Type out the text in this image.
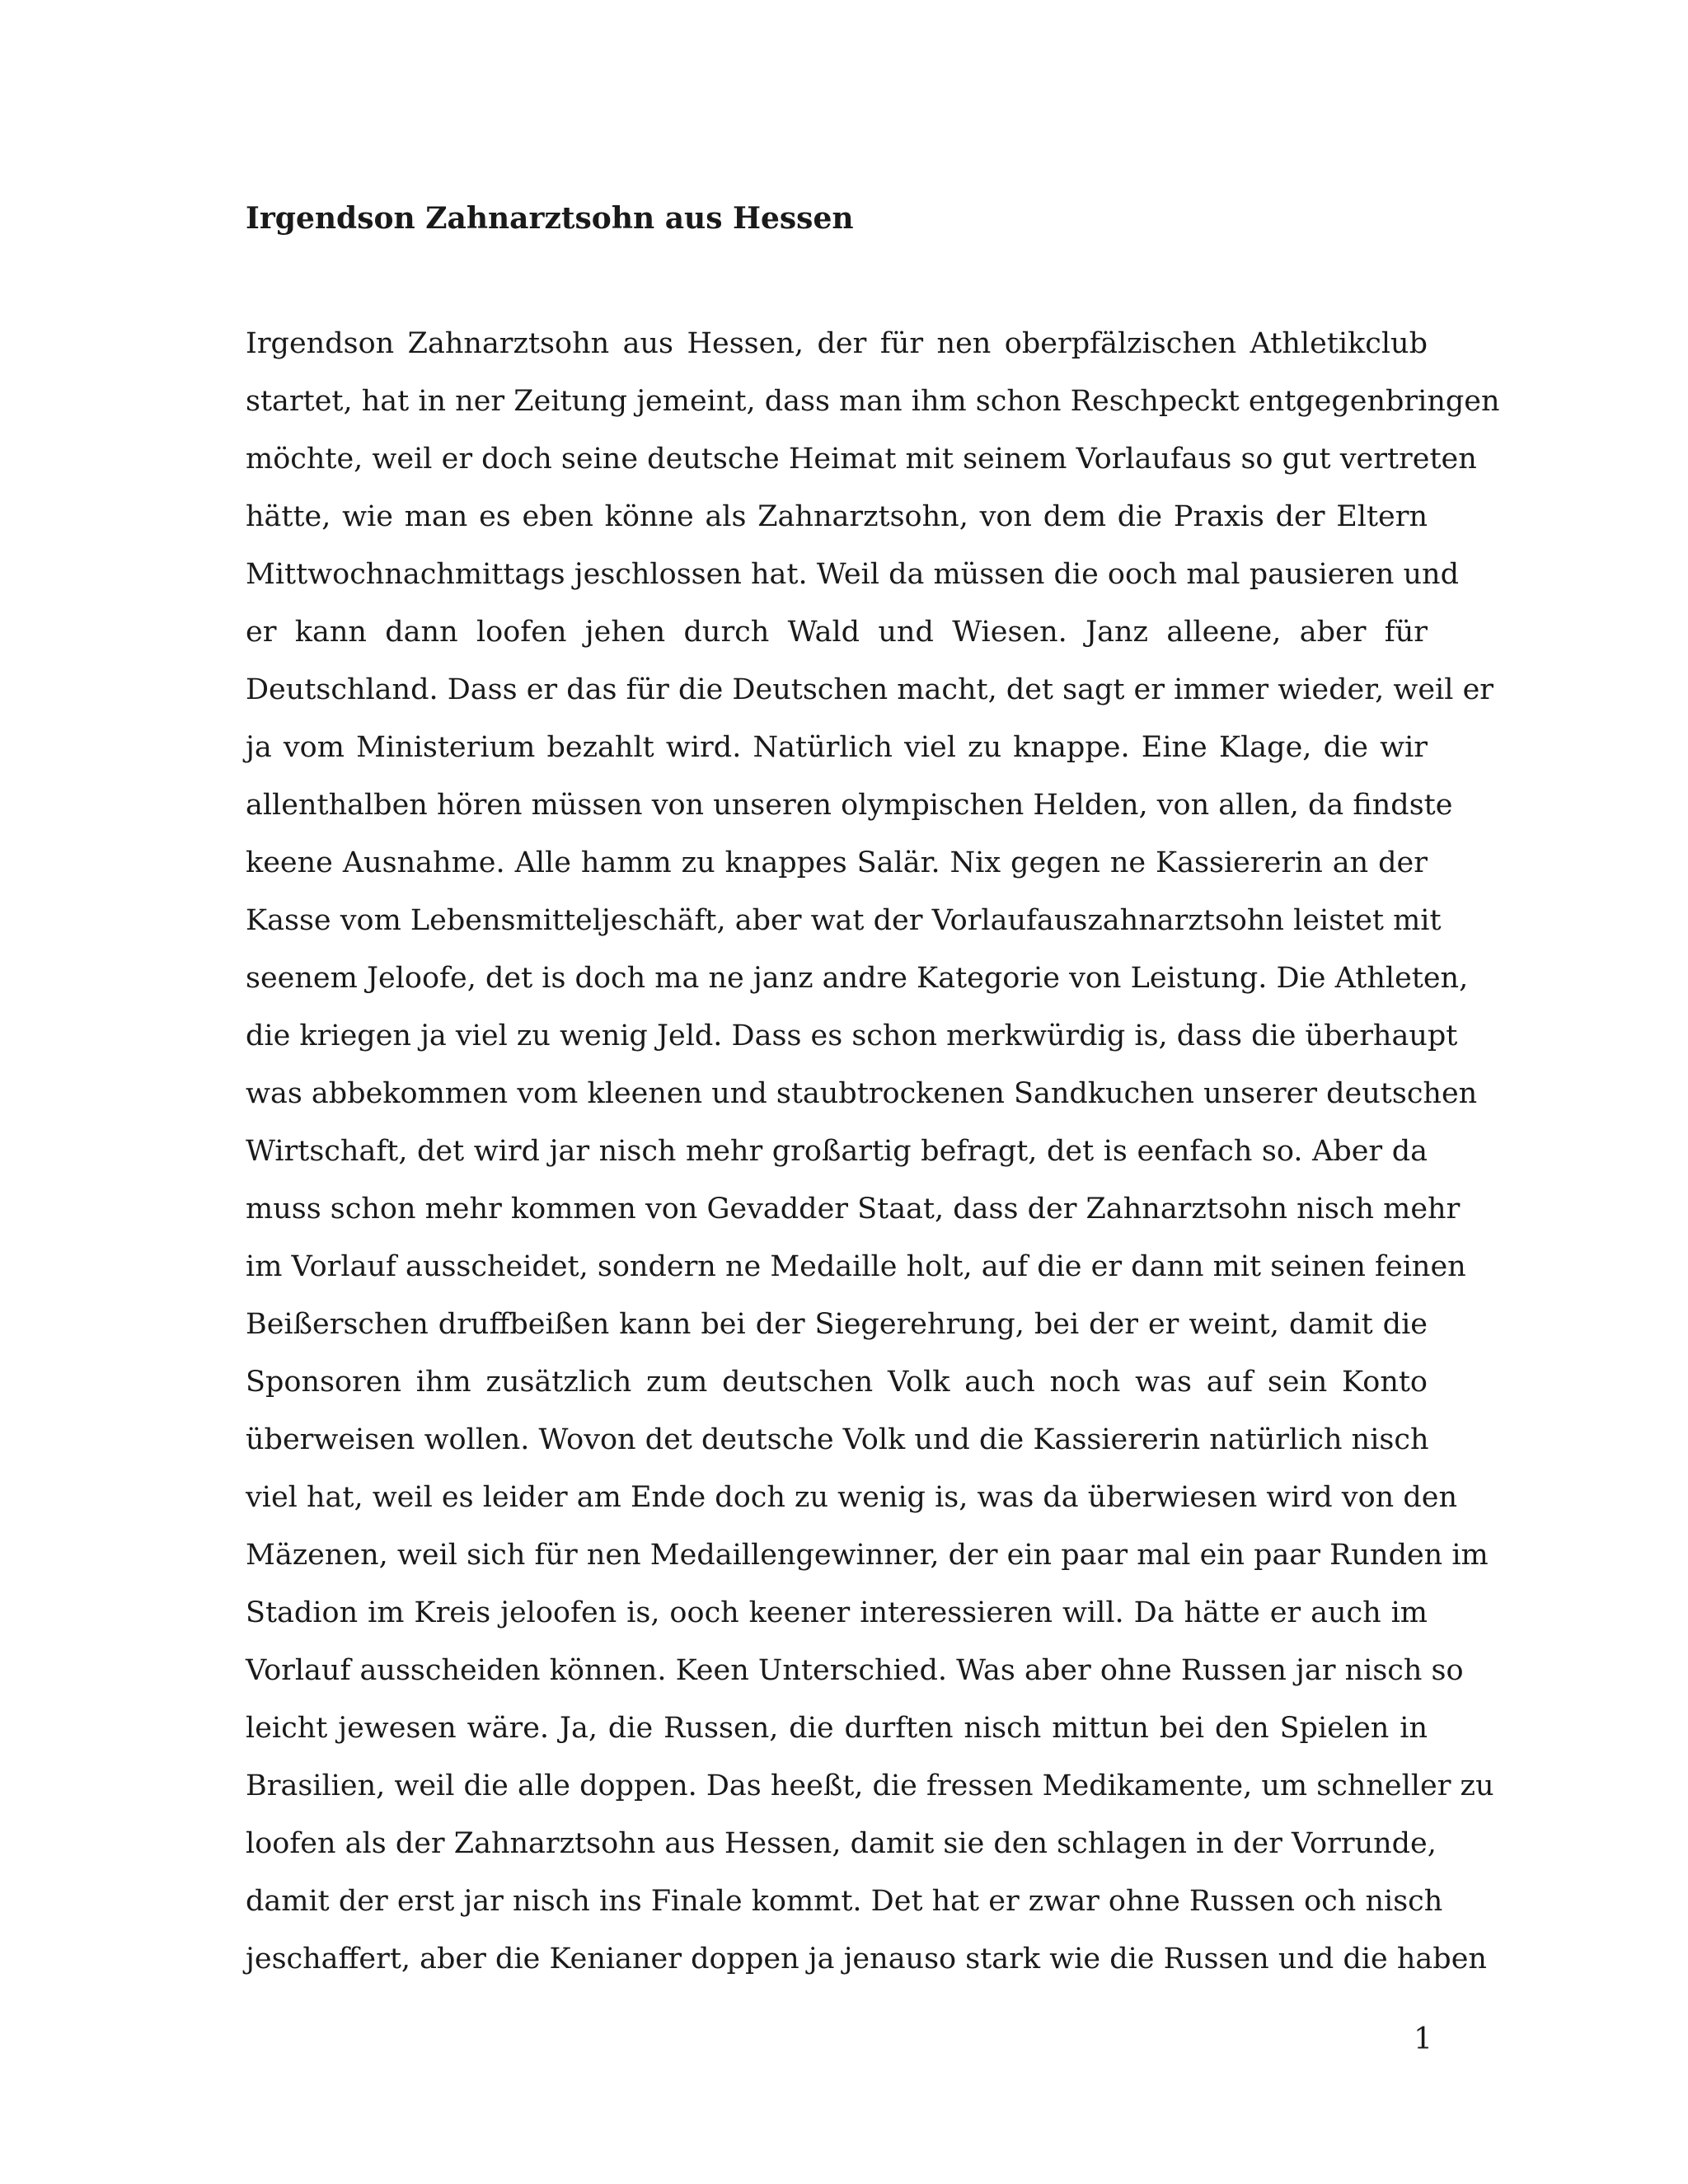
Irgendson Zahnarztsohn aus Hessen
Irgendson Zahnarztsohn aus Hessen, der für nen oberpfälzischen Athletikclub
startet, hat in ner Zeitung jemeint, dass man ihm schon Reschpeckt entgegenbringen
möchte, weil er doch seine deutsche Heimat mit seinem Vorlaufaus so gut vertreten
hätte, wie man es eben könne als Zahnarztsohn, von dem die Praxis der Eltern
Mittwochnachmittags jeschlossen hat. Weil da müssen die ooch mal pausieren und
er kann dann loofen jehen durch Wald und Wiesen. Janz alleene, aber für
Deutschland. Dass er das für die Deutschen macht, det sagt er immer wieder, weil er
ja vom Ministerium bezahlt wird. Natürlich viel zu knappe. Eine Klage, die wir
allenthalben hören müssen von unseren olympischen Helden, von allen, da findste
keene Ausnahme. Alle hamm zu knappes Salär. Nix gegen ne Kassiererin an der
Kasse vom Lebensmitteljeschäft, aber wat der Vorlaufauszahnarztsohn leistet mit
seenem Jeloofe, det is doch ma ne janz andre Kategorie von Leistung. Die Athleten,
die kriegen ja viel zu wenig Jeld. Dass es schon merkwürdig is, dass die überhaupt
was abbekommen vom kleenen und staubtrockenen Sandkuchen unserer deutschen
Wirtschaft, det wird jar nisch mehr großartig befragt, det is eenfach so. Aber da
muss schon mehr kommen von Gevadder Staat, dass der Zahnarztsohn nisch mehr
im Vorlauf ausscheidet, sondern ne Medaille holt, auf die er dann mit seinen feinen
Beißerschen druffbeißen kann bei der Siegerehrung, bei der er weint, damit die
Sponsoren ihm zusätzlich zum deutschen Volk auch noch was auf sein Konto
überweisen wollen. Wovon det deutsche Volk und die Kassiererin natürlich nisch
viel hat, weil es leider am Ende doch zu wenig is, was da überwiesen wird von den
Mäzenen, weil sich für nen Medaillengewinner, der ein paar mal ein paar Runden im
Stadion im Kreis jeloofen is, ooch keener interessieren will. Da hätte er auch im
Vorlauf ausscheiden können. Keen Unterschied. Was aber ohne Russen jar nisch so
leicht jewesen wäre. Ja, die Russen, die durften nisch mittun bei den Spielen in
Brasilien, weil die alle doppen. Das heeßt, die fressen Medikamente, um schneller zu
loofen als der Zahnarztsohn aus Hessen, damit sie den schlagen in der Vorrunde,
damit der erst jar nisch ins Finale kommt. Det hat er zwar ohne Russen och nisch
jeschaffert, aber die Kenianer doppen ja jenauso stark wie die Russen und die haben
1
